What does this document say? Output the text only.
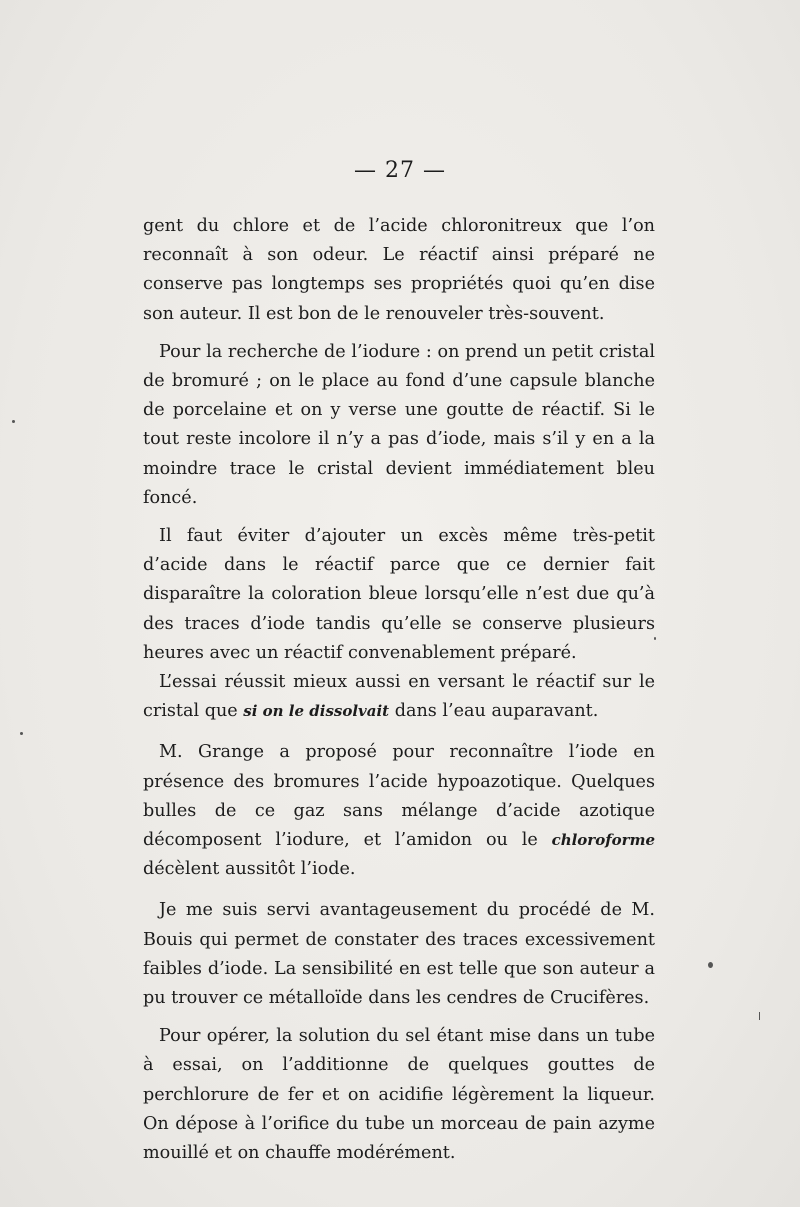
— 27 —

gent du chlore et de l’acide chloronitreux que l’on reconnaît à son odeur. Le réactif ainsi préparé ne conserve pas longtemps ses propriétés quoi qu’en dise son auteur. Il est bon de le renouveler très-souvent.

Pour la recherche de l’iodure : on prend un petit cristal de bromuré ; on le place au fond d’une capsule blanche de porcelaine et on y verse une goutte de réactif. Si le tout reste incolore il n’y a pas d’iode, mais s’il y en a la moindre trace le cristal devient immédiatement bleu foncé.

Il faut éviter d’ajouter un excès même très-petit d’acide dans le réactif parce que ce dernier fait disparaître la coloration bleue lorsqu’elle n’est due qu’à des traces d’iode tandis qu’elle se conserve plusieurs heures avec un réactif convenablement préparé.

L’essai réussit mieux aussi en versant le réactif sur le cristal que si on le dissolvait dans l’eau auparavant.

M. Grange a proposé pour reconnaître l’iode en présence des bromures l’acide hypoazotique. Quelques bulles de ce gaz sans mélange d’acide azotique décomposent l’iodure, et l’amidon ou le chloroforme décèlent aussitôt l’iode.

Je me suis servi avantageusement du procédé de M. Bouis qui permet de constater des traces excessivement faibles d’iode. La sensibilité en est telle que son auteur a pu trouver ce métalloïde dans les cendres de Crucifères.

Pour opérer, la solution du sel étant mise dans un tube à essai, on l’additionne de quelques gouttes de perchlorure de fer et on acidifie légèrement la liqueur. On dépose à l’orifice du tube un morceau de pain azyme mouillé et on chauffe modérément.
